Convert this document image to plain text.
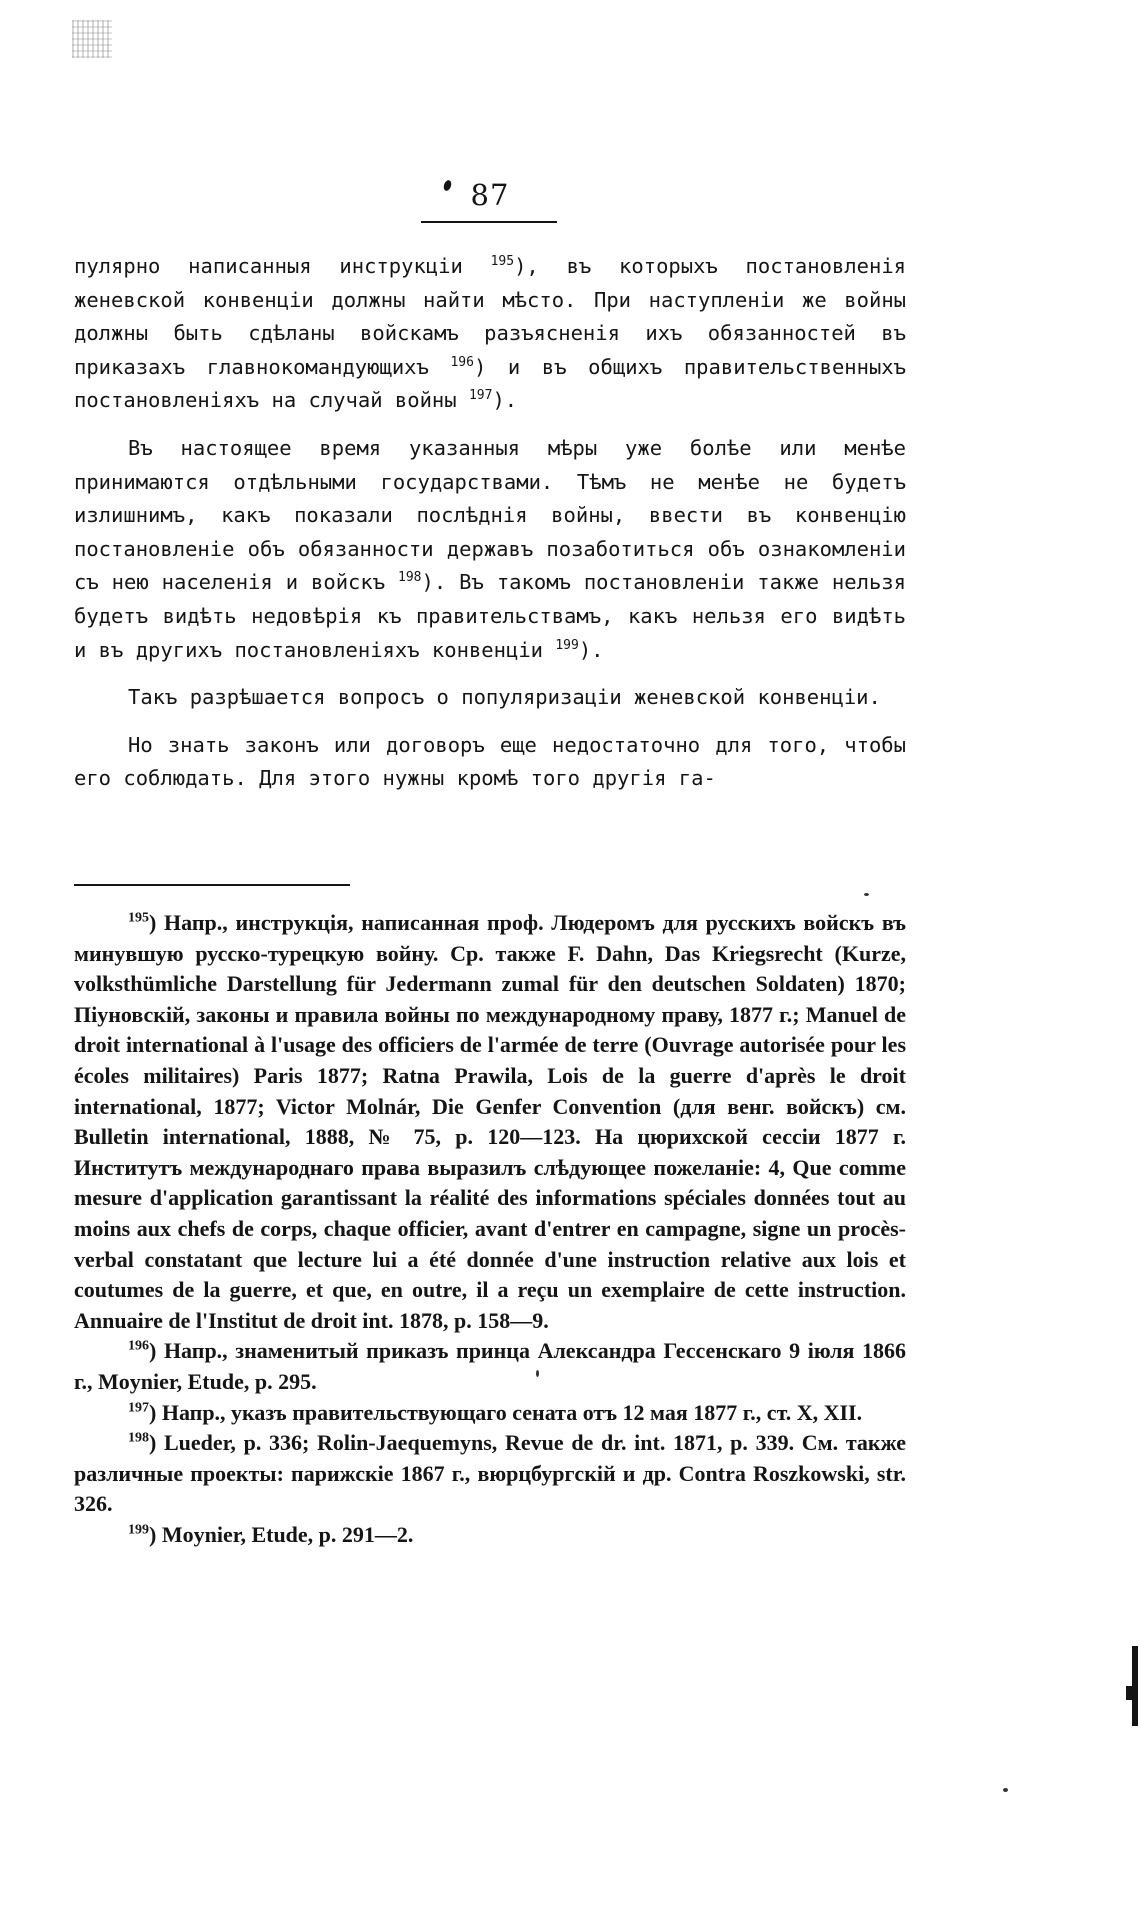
87

пулярно написанныя инструкціи $^{195}$), въ которыхъ постановленія женевской конвенціи должны найти мѣсто. При наступленіи же войны должны быть сдѣланы войскамъ разъясненія ихъ обязанностей въ приказахъ главнокомандующихъ $^{196}$) и въ общихъ правительственныхъ постановленіяхъ на случай войны $^{197}$).

Въ настоящее время указанныя мѣры уже болѣе или менѣе принимаются отдѣльными государствами. Тѣмъ не менѣе не будетъ излишнимъ, какъ показали послѣднія войны, ввести въ конвенцію постановленіе объ обязанности державъ позаботиться объ ознакомленіи съ нею населенія и войскъ $^{198}$). Въ такомъ постановленіи также нельзя будетъ видѣть недовѣрія къ правительствамъ, какъ нельзя его видѣть и въ другихъ постановленіяхъ конвенціи $^{199}$).

Такъ разрѣшается вопросъ о популяризаціи женевской конвенціи.

Но знать законъ или договоръ еще недостаточно для того, чтобы его соблюдать. Для этого нужны кромѣ того другія га-

$^{195}$) Напр., инструкція, написанная проф. Людеромъ для русскихъ войскъ въ минувшую русско-турецкую войну. Ср. также F. Dahn, Das Kriegsrecht (Kurze, volksthümliche Darstellung für Jedermann zumal für den deutschen Soldaten) 1870; Піуновскій, законы и правила войны по международному праву, 1877 г.; Manuel de droit international à l'usage des officiers de l'armée de terre (Ouvrage autorisée pour les écoles militaires) Paris 1877; Ratna Prawila, Lois de la guerre d'après le droit international, 1877; Victor Molnár, Die Genfer Convention (для венг. войскъ) см. Bulletin international, 1888, № 75, p. 120—123. На цюрихской сессіи 1877 г. Институтъ международнаго права выразилъ слѣдующее пожеланіе: 4, Que comme mesure d'application garantissant la réalité des informations spéciales données tout au moins aux chefs de corps, chaque officier, avant d'entrer en campagne, signe un procès-verbal constatant que lecture lui a été donnée d'une instruction relative aux lois et coutumes de la guerre, et que, en outre, il a reçu un exemplaire de cette instruction. Annuaire de l'Institut de droit int. 1878, p. 158—9.

$^{196}$) Напр., знаменитый приказъ принца Александра Гессенскаго 9 іюля 1866 г., Moynier, Etude, p. 295.

$^{197}$) Напр., указъ правительствующаго сената отъ 12 мая 1877 г., ст. X, XII.

$^{198}$) Lueder, p. 336; Rolin-Jaequemyns, Revue de dr. int. 1871, p. 339. См. также различные проекты: парижскіе 1867 г., вюрцбургскій и др. Contra Roszkowski, str. 326.

$^{199}$) Moynier, Etude, p. 291—2.
